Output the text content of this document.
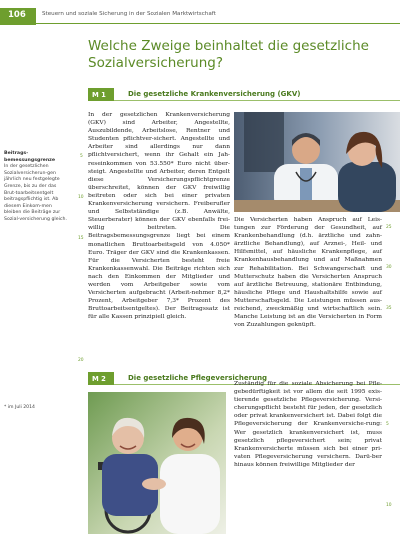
106	Steuern und soziale Sicherung in der Sozialen Marktwirtschaft
Welche Zweige beinhaltet die gesetzliche Sozialversicherung?
M 1	Die gesetzliche Krankenversicherung (GKV)
Beitrags-bemessungsgrenze
In der gesetzlichen Sozialversicherun-gen jährlich neu festgelegte Grenze, bis zu der das Brut-toarbeitsentgelt beitragspflichtig ist. Ab diesem Einkom-men bleiben die Beiträge zur Sozial-versicherung gleich.
* im Juli 2014
In der gesetzlichen Krankenversicherung (GKV) sind Arbeiter, Angestellte, Auszubildende, Arbeitslose, Rentner und Studenten pflichtver-sichert. Angestellte und Arbeiter sind allerdings nur dann pflichtversichert, wenn ihr Gehalt ein Jah-reseinkommen von 53.550* Euro nicht über-steigt. Angestellte und Arbeiter, deren Entgelt diese Versicherungspflichtgrenze überschreitet, können der GKV freiwillig beitreten oder sich bei einer privaten Krankenversicherung versichern. Freiberufler und Selbstständige (z.B. Anwälte, Steuerberater) können der GKV ebenfalls frei-willig beitreten. Die Beitragsbemessungsgrenze liegt bei einem monatlichen Bruttoarbeitsgeld von 4.050* Euro. Träger der GKV sind die Krankenkassen. Für die Versicherten besteht freie Krankenkassenwahl. Die Beiträge richten sich nach den Einkommen der Mitglieder und werden vom Arbeitgeber sowie vom Versicherten aufgebracht (Arbeit-nehmer 8,2* Prozent, Arbeitgeber 7,3* Prozent des Bruttoarbeitsentgeltes). Der Beitragssatz ist für alle Kassen prinzipiell gleich.
5
10
15
20
Die Versicherten haben Anspruch auf Leis-tungen zur Förderung der Gesundheit, auf Krankenbehandlung (d.h. ärztliche und zahn-ärztliche Behandlung), auf Arznei-, Heil- und Hilfsmittel, auf häusliche Krankenpflege, auf Krankenhausbehandlung und auf Maßnahmen zur Rehabilitation. Bei Schwangerschaft und Mutterschutz haben die Versicherten Anspruch auf ärztliche Betreuung, stationäre Entbindung, häusliche Pflege und Haushaltshilfe sowie auf Mutterschaftsgeld. Die Leistungen müssen aus-reichend, zweckmäßig und wirtschaftlich sein. Manche Leistung ist an die Versicherten in Form von Zuzahlungen geknüpft.
25
30
35
M 2	Die gesetzliche Pflegeversicherung
Zuständig für die soziale Absicherung bei Pfle-gebedürftigkeit ist vor allem die seit 1995 exis-tierende gesetzliche Pflegeversicherung. Versi-cherungspflicht besteht für jeden, der gesetzlich oder privat krankenversichert ist. Dabei folgt die Pflegeversicherung der Krankenversiche-rung: Wer gesetzlich krankenversichert ist, muss gesetzlich pflegeversichert sein; privat Krankenversicherte müssen sich bei einer pri-vaten Pflegeversicherung versichern. Darü-ber hinaus können freiwillige Mitglieder der
5
10
